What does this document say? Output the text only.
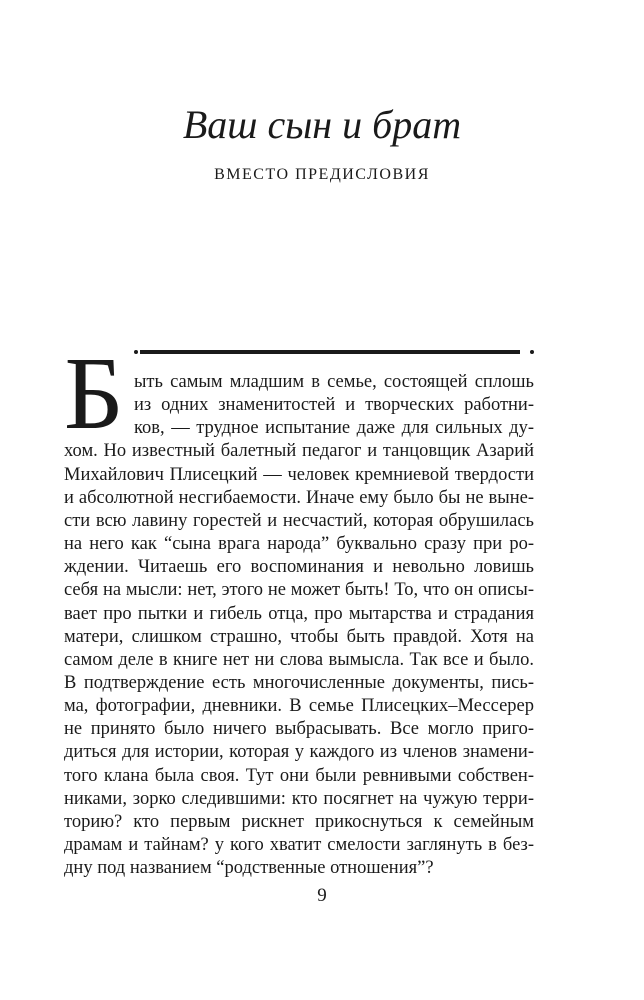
Ваш сын и брат
ВМЕСТО ПРЕДИСЛОВИЯ
Б ыть самым младшим в семье, состоящей сплошь
из одних знаменитостей и творческих работни-
ков, — трудное испытание даже для сильных ду-
хом. Но известный балетный педагог и танцовщик Азарий
Михайлович Плисецкий — человек кремниевой твердости
и абсолютной несгибаемости. Иначе ему было бы не выне-
сти всю лавину горестей и несчастий, которая обрушилась
на него как “сына врага народа” буквально сразу при ро-
ждении. Читаешь его воспоминания и невольно ловишь
себя на мысли: нет, этого не может быть! То, что он описы-
вает про пытки и гибель отца, про мытарства и страдания
матери, слишком страшно, чтобы быть правдой. Хотя на
самом деле в книге нет ни слова вымысла. Так все и было.
В подтверждение есть многочисленные документы, пись-
ма, фотографии, дневники. В семье Плисецких–Мессерер
не принято было ничего выбрасывать. Все могло приго-
диться для истории, которая у каждого из членов знамени-
того клана была своя. Тут они были ревнивыми собствен-
никами, зорко следившими: кто посягнет на чужую терри-
торию? кто первым рискнет прикоснуться к семейным
драмам и тайнам? у кого хватит смелости заглянуть в без-
дну под названием “родственные отношения”?
9
